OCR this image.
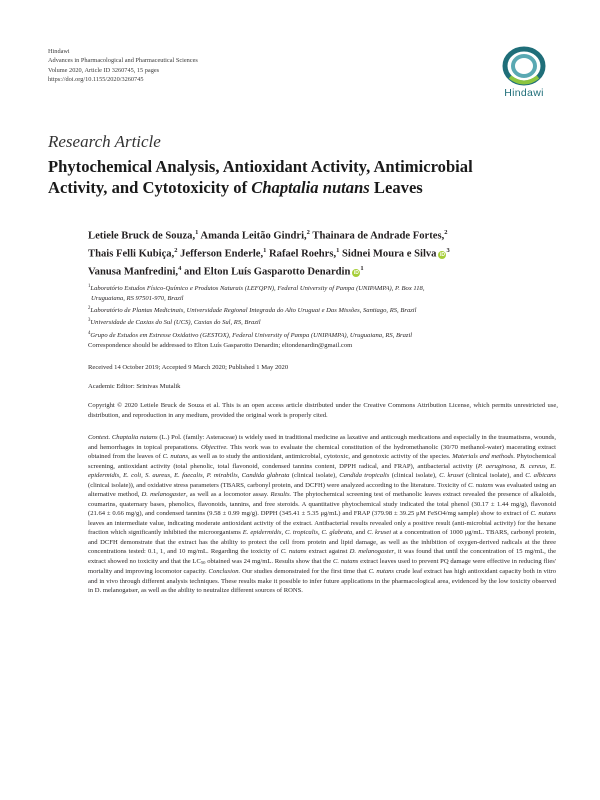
Hindawi
Advances in Pharmacological and Pharmaceutical Sciences
Volume 2020, Article ID 3260745, 15 pages
https://doi.org/10.1155/2020/3260745
Hindawi
Research Article
Phytochemical Analysis, Antioxidant Activity, Antimicrobial
Activity, and Cytotoxicity of Chaptalia nutans Leaves
Letiele Bruck de Souza,$^1$ Amanda Leitão Gindri,$^2$ Thainara de Andrade Fortes,$^2$
Thais Felli Kubiça,$^2$ Jefferson Enderle,$^1$ Rafael Roehrs,$^1$ Sidnei Moura e Silva $iD^3$
Vanusa Manfredini,$^4$ and Elton Luís Gasparotto Denardin $iD^1$
$^1$Laboratório Estudos Físico-Químico e Produtos Naturais (LEFQPN), Federal University of Pampa (UNIPAMPA), P. Box 118,
Uruguaiana, RS 97501-970, Brazil
$^2$Laboratório de Plantas Medicinais, Universidade Regional Integrada do Alto Uruguai e Das Missões, Santiago, RS, Brazil
$^3$Universidade de Caxias do Sul (UCS), Caxias do Sul, RS, Brazil
$^4$Grupo de Estudos em Estresse Oxidativo (GESTOX), Federal University of Pampa (UNIPAMPA), Uruguaiana, RS, Brazil
Correspondence should be addressed to Elton Luís Gasparotto Denardin; eltondenardin@gmail.com
Received 14 October 2019; Accepted 9 March 2020; Published 1 May 2020
Academic Editor: Srinivas Mutalik
Copyright © 2020 Letiele Bruck de Souza et al. This is an open access article distributed under the Creative Commons Attribution License, which permits unrestricted use, distribution, and reproduction in any medium, provided the original work is properly cited.
Context. Chaptalia nutans (L.) Pol. (family: Asteraceae) is widely used in traditional medicine as laxative and anticough medications and especially in the traumatisms, wounds, and hemorrhages in topical preparations. Objective. This work was to evaluate the chemical constitution of the hydromethanolic (30/70 methanol-water) macerating extract obtained from the leaves of C. nutans, as well as to study the antioxidant, antimicrobial, cytotoxic, and genotoxic activity of the species. Materials and methods. Phytochemical screening, antioxidant activity (total phenolic, total flavonoid, condensed tannins content, DPPH radical, and FRAP), antibacterial activity (P. aeruginosa, B. cereus, E. epidermidis, E. coli, S. aureus, E. faecalis, P. mirabilis, Candida glabrata (clinical isolate), Candida tropicalis (clinical isolate), C. krusei (clinical isolate), and C. albicans (clinical isolate)), and oxidative stress parameters (TBARS, carbonyl protein, and DCFH) were analyzed according to the literature. Toxicity of C. nutans was evaluated using an alternative method, D. melanogaster, as well as a locomotor assay. Results. The phytochemical screening test of methanolic leaves extract revealed the presence of alkaloids, coumarins, quaternary bases, phenolics, flavonoids, tannins, and free steroids. A quantitative phytochemical study indicated the total phenol (30.17 ± 1.44 mg/g), flavonoid (21.64 ± 0.66 mg/g), and condensed tannins (9.58 ± 0.99 mg/g). DPPH (345.41 ± 5.35 μg/mL) and FRAP (379.98 ± 39.25 μM FeSO4/mg sample) show to extract of C. nutans leaves an intermediate value, indicating moderate antioxidant activity of the extract. Antibacterial results revealed only a positive result (anti-microbial activity) for the hexane fraction which significantly inhibited the microorganisms E. epidermidis, C. tropicalis, C. glabrata, and C. krusei at a concentration of 1000 μg/mL. TBARS, carbonyl protein, and DCFH demonstrate that the extract has the ability to protect the cell from protein and lipid damage, as well as the inhibition of oxygen-derived radicals at the three concentrations tested: 0.1, 1, and 10 mg/mL. Regarding the toxicity of C. nutans extract against D. melanogaster, it was found that until the concentration of 15 mg/mL, the extract showed no toxicity and that the $LC_{50}$ obtained was 24 mg/mL. Results show that the C. nutans extract leaves used to prevent PQ damage were effective in reducing flies' mortality and improving locomotor capacity. Conclusion. Our studies demonstrated for the first time that C. nutans crude leaf extract has high antioxidant capacity both in vitro and in vivo through different analysis techniques. These results make it possible to infer future applications in the pharmacological area, evidenced by the low toxicity observed in D. melanogatser, as well as the ability to neutralize different sources of RONS.
